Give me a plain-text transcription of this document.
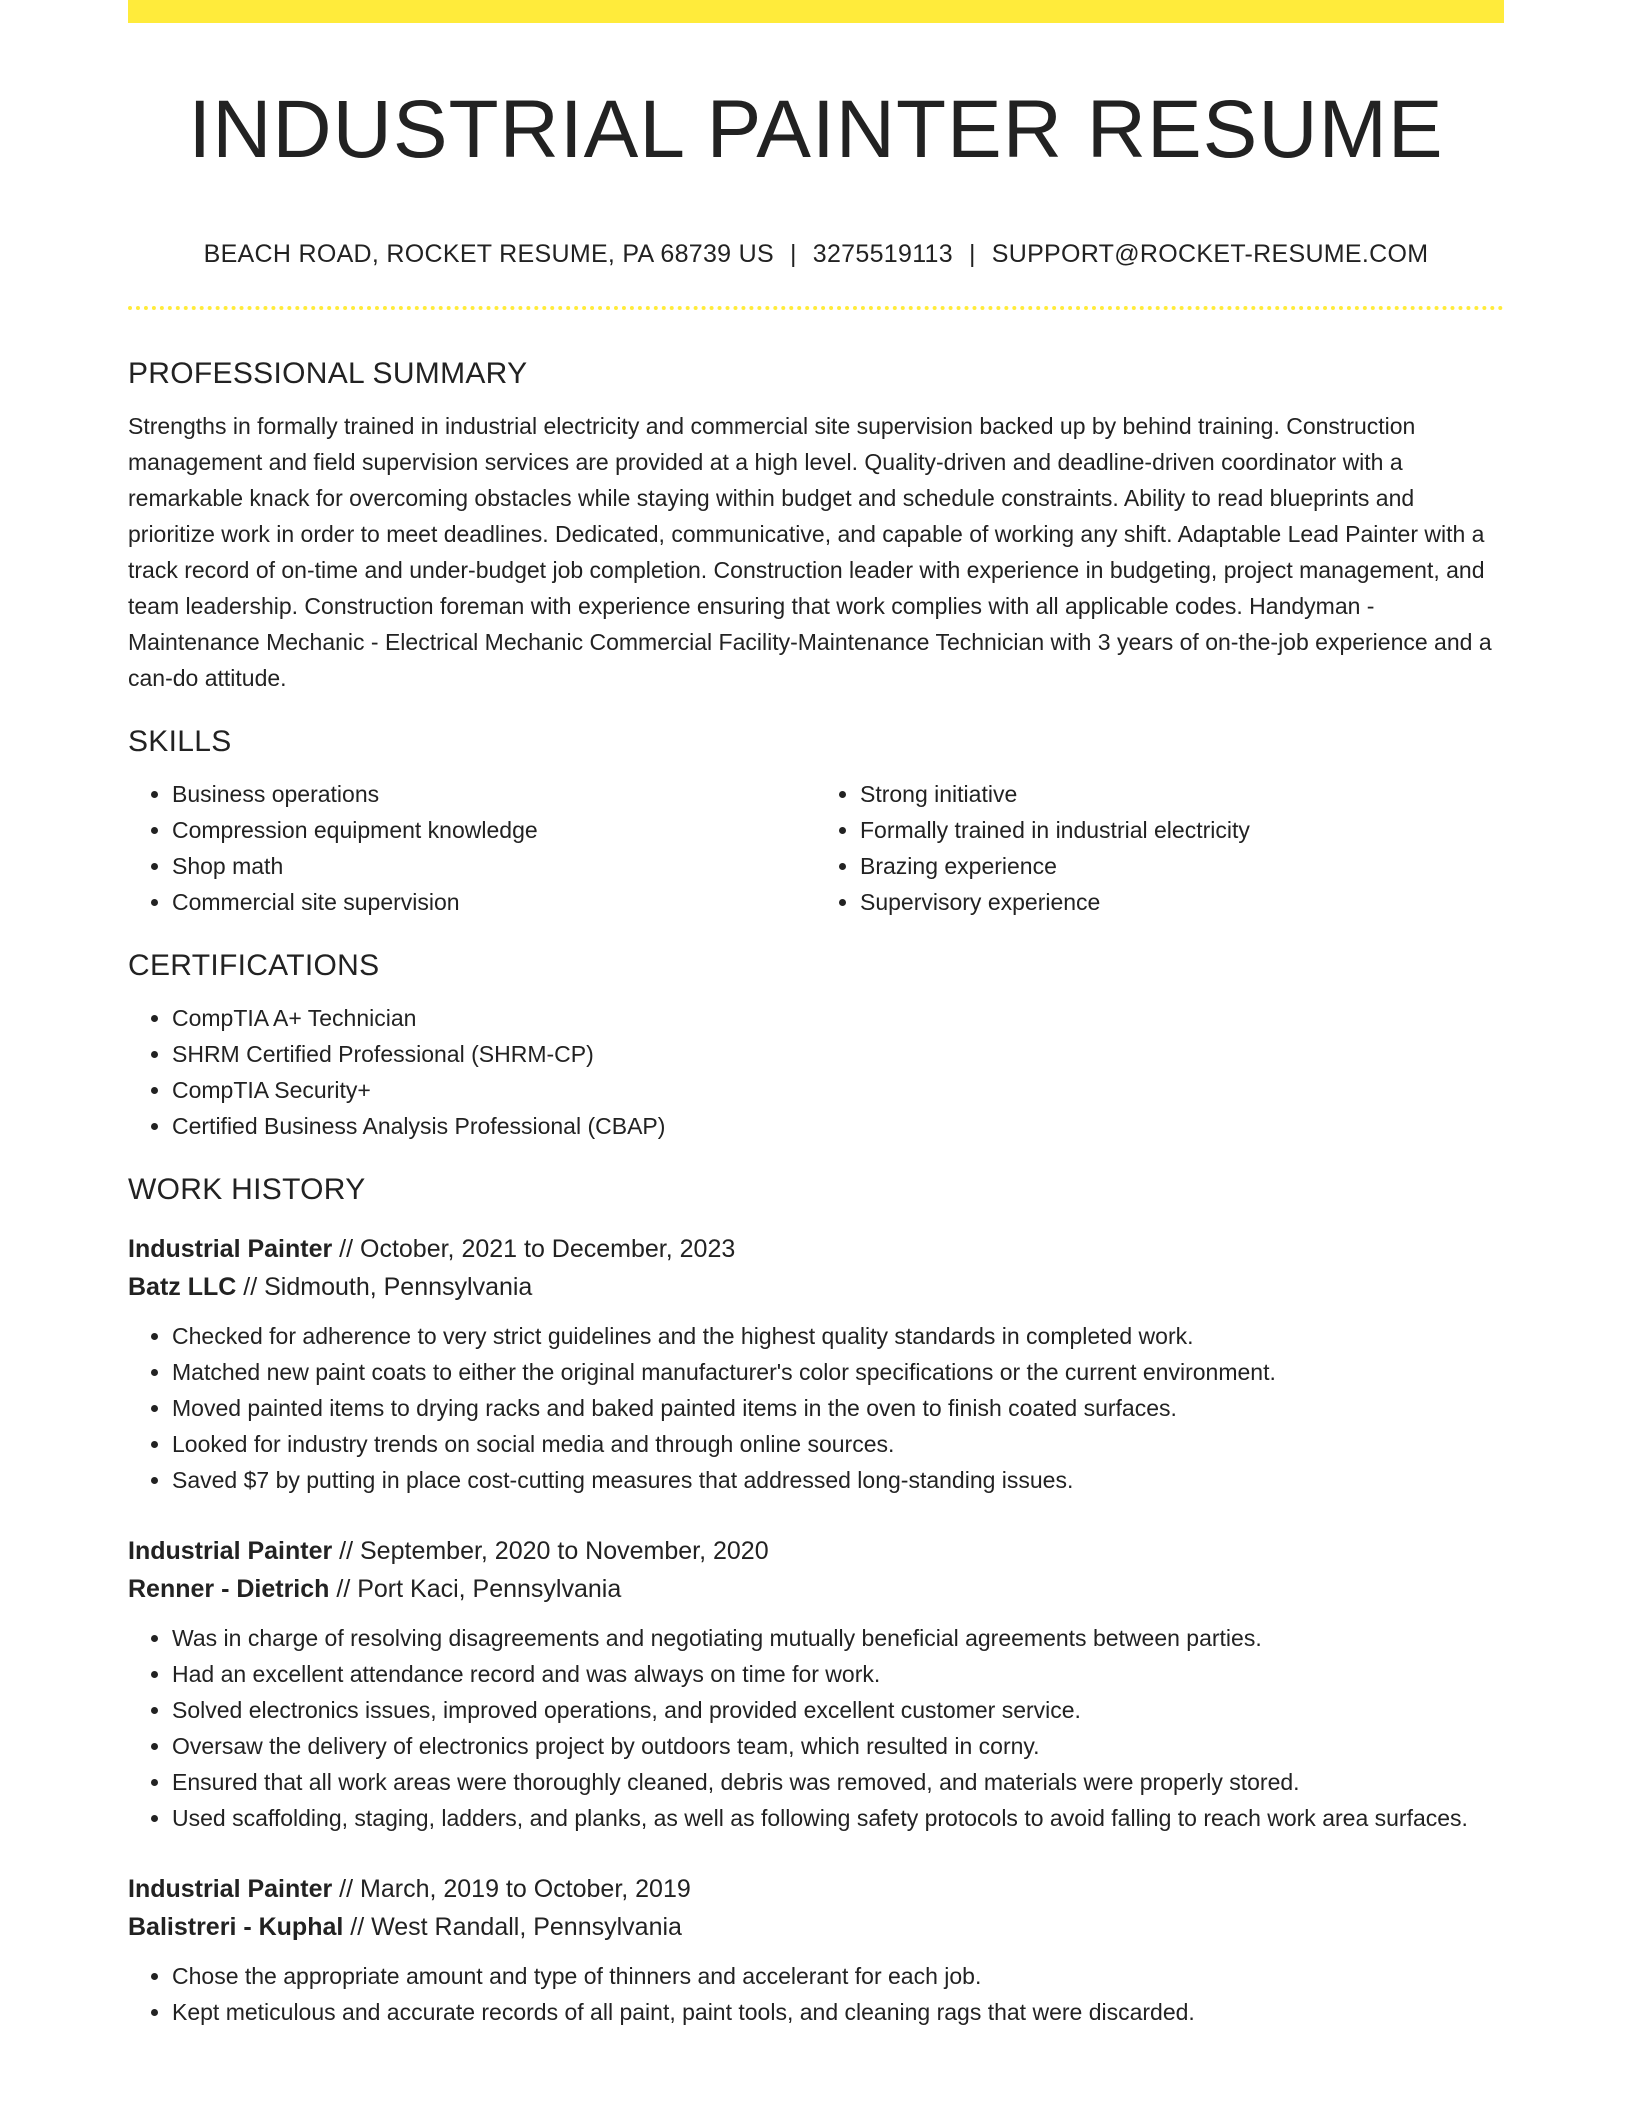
INDUSTRIAL PAINTER RESUME
BEACH ROAD, ROCKET RESUME, PA 68739 US | 3275519113 | SUPPORT@ROCKET-RESUME.COM
PROFESSIONAL SUMMARY

Strengths in formally trained in industrial electricity and commercial site supervision backed up by behind training. Construction management and field supervision services are provided at a high level. Quality-driven and deadline-driven coordinator with a remarkable knack for overcoming obstacles while staying within budget and schedule constraints. Ability to read blueprints and prioritize work in order to meet deadlines. Dedicated, communicative, and capable of working any shift. Adaptable Lead Painter with a track record of on-time and under-budget job completion. Construction leader with experience in budgeting, project management, and team leadership. Construction foreman with experience ensuring that work complies with all applicable codes. Handyman - Maintenance Mechanic - Electrical Mechanic Commercial Facility-Maintenance Technician with 3 years of on-the-job experience and a can-do attitude.

SKILLS
• Business operations
• Compression equipment knowledge
• Shop math
• Commercial site supervision
• Strong initiative
• Formally trained in industrial electricity
• Brazing experience
• Supervisory experience
CERTIFICATIONS
• CompTIA A+ Technician
• SHRM Certified Professional (SHRM-CP)
• CompTIA Security+
• Certified Business Analysis Professional (CBAP)
WORK HISTORY
Industrial Painter // October, 2021 to December, 2023
Batz LLC // Sidmouth, Pennsylvania
• Checked for adherence to very strict guidelines and the highest quality standards in completed work.
• Matched new paint coats to either the original manufacturer's color specifications or the current environment.
• Moved painted items to drying racks and baked painted items in the oven to finish coated surfaces.
• Looked for industry trends on social media and through online sources.
• Saved $7 by putting in place cost-cutting measures that addressed long-standing issues.
Industrial Painter // September, 2020 to November, 2020
Renner - Dietrich // Port Kaci, Pennsylvania
• Was in charge of resolving disagreements and negotiating mutually beneficial agreements between parties.
• Had an excellent attendance record and was always on time for work.
• Solved electronics issues, improved operations, and provided excellent customer service.
• Oversaw the delivery of electronics project by outdoors team, which resulted in corny.
• Ensured that all work areas were thoroughly cleaned, debris was removed, and materials were properly stored.
• Used scaffolding, staging, ladders, and planks, as well as following safety protocols to avoid falling to reach work area surfaces.
Industrial Painter // March, 2019 to October, 2019
Balistreri - Kuphal // West Randall, Pennsylvania
• Chose the appropriate amount and type of thinners and accelerant for each job.
• Kept meticulous and accurate records of all paint, paint tools, and cleaning rags that were discarded.
